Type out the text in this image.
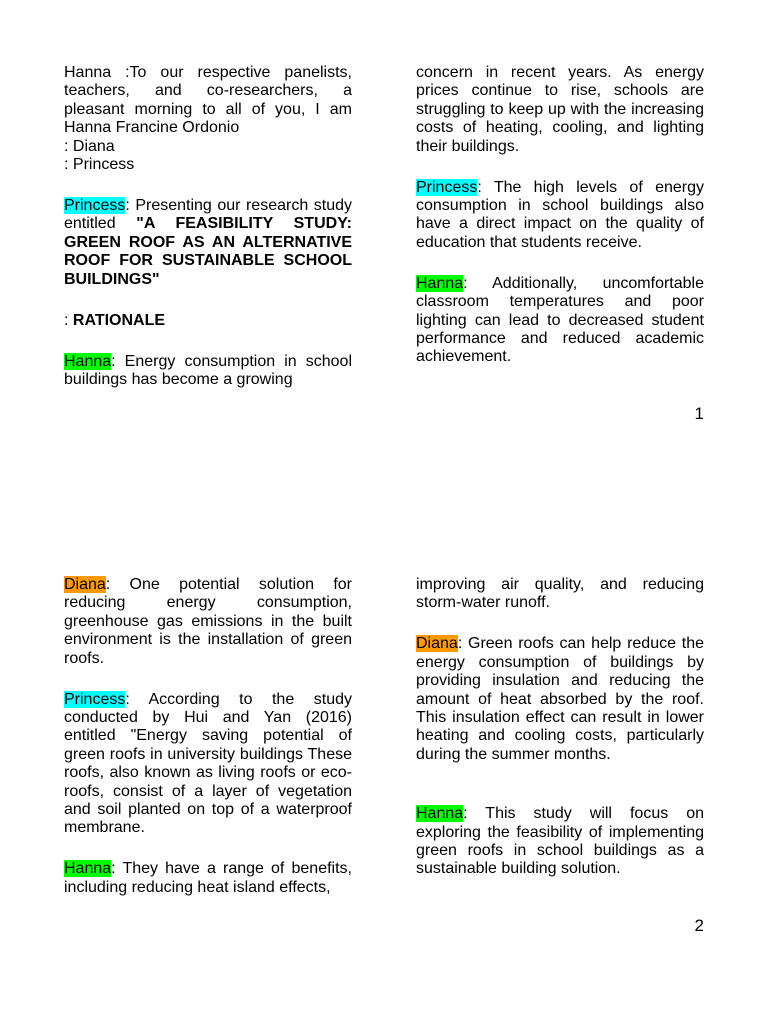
Hanna :To our respective panelists, teachers, and co-researchers, a pleasant morning to all of you, I am Hanna Francine Ordonio
: Diana
: Princess

Princess: Presenting our research study entitled "A FEASIBILITY STUDY: GREEN ROOF AS AN ALTERNATIVE ROOF FOR SUSTAINABLE SCHOOL BUILDINGS"

: RATIONALE

Hanna: Energy consumption in school buildings has become a growing

concern in recent years. As energy prices continue to rise, schools are struggling to keep up with the increasing costs of heating, cooling, and lighting their buildings.

Princess: The high levels of energy consumption in school buildings also have a direct impact on the quality of education that students receive.

Hanna: Additionally, uncomfortable classroom temperatures and poor lighting can lead to decreased student performance and reduced academic achievement.

1

Diana: One potential solution for reducing energy consumption, greenhouse gas emissions in the built environment is the installation of green roofs.

Princess: According to the study conducted by Hui and Yan (2016) entitled "Energy saving potential of green roofs in university buildings These roofs, also known as living roofs or eco-roofs, consist of a layer of vegetation and soil planted on top of a waterproof membrane.

Hanna: They have a range of benefits, including reducing heat island effects,

improving air quality, and reducing storm-water runoff.

Diana: Green roofs can help reduce the energy consumption of buildings by providing insulation and reducing the amount of heat absorbed by the roof. This insulation effect can result in lower heating and cooling costs, particularly during the summer months.

Hanna: This study will focus on exploring the feasibility of implementing green roofs in school buildings as a sustainable building solution.

2
